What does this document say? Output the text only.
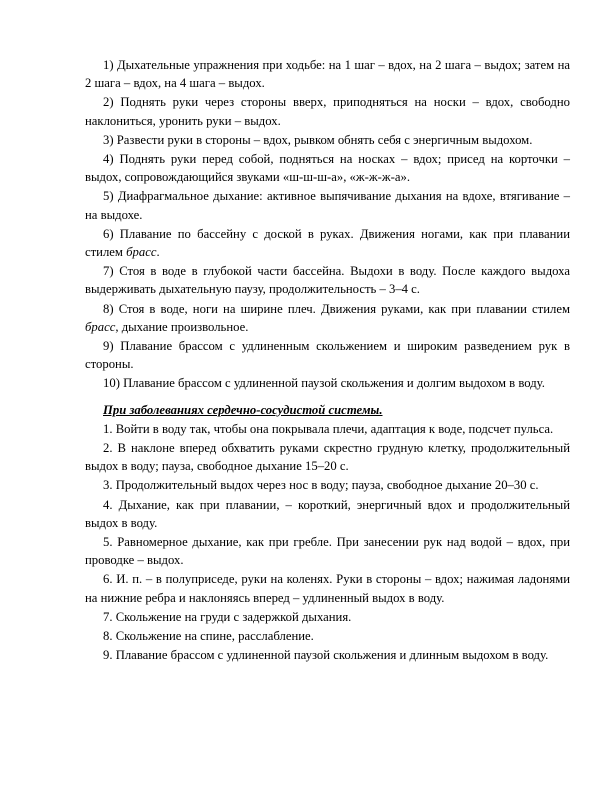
1) Дыхательные упражнения при ходьбе: на 1 шаг – вдох, на 2 шага – выдох; затем на 2 шага – вдох, на 4 шага – выдох.

2) Поднять руки через стороны вверх, приподняться на носки – вдох, свободно наклониться, уронить руки – выдох.

3) Развести руки в стороны – вдох, рывком обнять себя с энергичным выдохом.

4) Поднять руки перед собой, подняться на носках – вдох; присед на корточки – выдох, сопровождающийся звуками «ш-ш-ш-а», «ж-ж-ж-а».

5) Диафрагмальное дыхание: активное выпячивание дыхания на вдохе, втягивание – на выдохе.

6) Плавание по бассейну с доской в руках. Движения ногами, как при плавании стилем брасс.

7) Стоя в воде в глубокой части бассейна. Выдохи в воду. После каждого выдоха выдерживать дыхательную паузу, продолжительность – 3–4 с.

8) Стоя в воде, ноги на ширине плеч. Движения руками, как при плавании стилем брасс, дыхание произвольное.

9) Плавание брассом с удлиненным скольжением и широким разведением рук в стороны.

10) Плавание брассом с удлиненной паузой скольжения и долгим выдохом в воду.

При заболеваниях сердечно-сосудистой системы.

1. Войти в воду так, чтобы она покрывала плечи, адаптация к воде, подсчет пульса.

2. В наклоне вперед обхватить руками скрестно грудную клетку, продолжительный выдох в воду; пауза, свободное дыхание 15–20 с.

3. Продолжительный выдох через нос в воду; пауза, свободное дыхание 20–30 с.

4. Дыхание, как при плавании, – короткий, энергичный вдох и продолжительный выдох в воду.

5. Равномерное дыхание, как при гребле. При занесении рук над водой – вдох, при проводке – выдох.

6. И. п. – в полуприседе, руки на коленях. Руки в стороны – вдох; нажимая ладонями на нижние ребра и наклоняясь вперед – удлиненный выдох в воду.

7. Скольжение на груди с задержкой дыхания.

8. Скольжение на спине, расслабление.

9. Плавание брассом с удлиненной паузой скольжения и длинным выдохом в воду.
